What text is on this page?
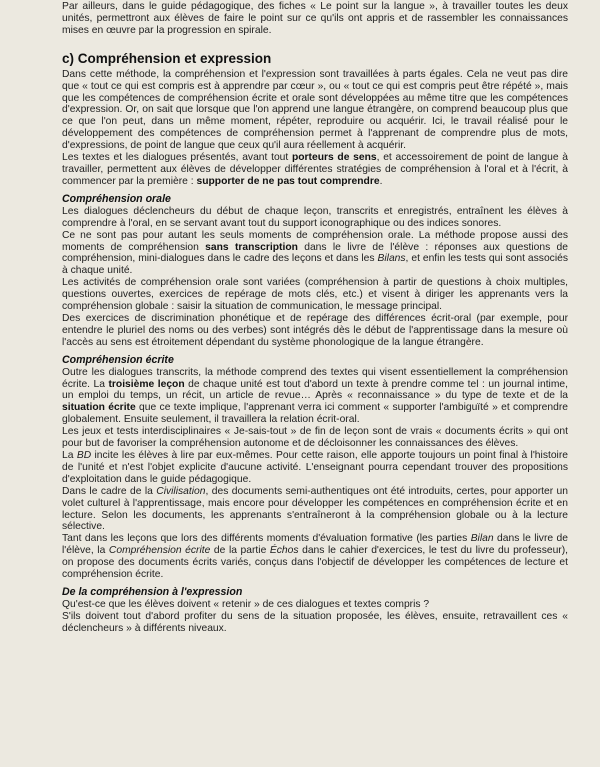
Par ailleurs, dans le guide pédagogique, des fiches « Le point sur la langue », à travailler toutes les deux unités, permettront aux élèves de faire le point sur ce qu'ils ont appris et de rassembler les connaissances mises en œuvre par la progression en spirale.

c) Compréhension et expression

Dans cette méthode, la compréhension et l'expression sont travaillées à parts égales. Cela ne veut pas dire que « tout ce qui est compris est à apprendre par cœur », ou « tout ce qui est compris peut être répété », mais que les compétences de compréhension écrite et orale sont développées au même titre que les compétences d'expression. Or, on sait que lorsque que l'on apprend une langue étrangère, on comprend beaucoup plus que ce que l'on peut, dans un même moment, répéter, reproduire ou acquérir. Ici, le travail réalisé pour le développement des compétences de compréhension permet à l'apprenant de comprendre plus de mots, d'expressions, de point de langue que ceux qu'il aura réellement à acquérir.

Les textes et les dialogues présentés, avant tout porteurs de sens, et accessoirement de point de langue à travailler, permettent aux élèves de développer différentes stratégies de compréhension à l'oral et à l'écrit, à commencer par la première : supporter de ne pas tout comprendre.

Compréhension orale

Les dialogues déclencheurs du début de chaque leçon, transcrits et enregistrés, entraînent les élèves à comprendre à l'oral, en se servant avant tout du support iconographique ou des indices sonores.

Ce ne sont pas pour autant les seuls moments de compréhension orale. La méthode propose aussi des moments de compréhension sans transcription dans le livre de l'élève : réponses aux questions de compréhension, mini-dialogues dans le cadre des leçons et dans les Bilans, et enfin les tests qui sont associés à chaque unité.

Les activités de compréhension orale sont variées (compréhension à partir de questions à choix multiples, questions ouvertes, exercices de repérage de mots clés, etc.) et visent à diriger les apprenants vers la compréhension globale : saisir la situation de communication, le message principal.

Des exercices de discrimination phonétique et de repérage des différences écrit-oral (par exemple, pour entendre le pluriel des noms ou des verbes) sont intégrés dès le début de l'apprentissage dans la mesure où l'accès au sens est étroitement dépendant du système phonologique de la langue étrangère.

Compréhension écrite

Outre les dialogues transcrits, la méthode comprend des textes qui visent essentiellement la compréhension écrite. La troisième leçon de chaque unité est tout d'abord un texte à prendre comme tel : un journal intime, un emploi du temps, un récit, un article de revue… Après « reconnaissance » du type de texte et de la situation écrite que ce texte implique, l'apprenant verra ici comment « supporter l'ambiguïté » et comprendre globalement. Ensuite seulement, il travaillera la relation écrit-oral.

Les jeux et tests interdisciplinaires « Je-sais-tout » de fin de leçon sont de vrais « documents écrits » qui ont pour but de favoriser la compréhension autonome et de décloisonner les connaissances des élèves.

La BD incite les élèves à lire par eux-mêmes. Pour cette raison, elle apporte toujours un point final à l'histoire de l'unité et n'est l'objet explicite d'aucune activité. L'enseignant pourra cependant trouver des propositions d'exploitation dans le guide pédagogique.

Dans le cadre de la Civilisation, des documents semi-authentiques ont été introduits, certes, pour apporter un volet culturel à l'apprentissage, mais encore pour développer les compétences en compréhension écrite et en lecture. Selon les documents, les apprenants s'entraîneront à la compréhension globale ou à la lecture sélective.

Tant dans les leçons que lors des différents moments d'évaluation formative (les parties Bilan dans le livre de l'élève, la Compréhension écrite de la partie Échos dans le cahier d'exercices, le test du livre du professeur), on propose des documents écrits variés, conçus dans l'objectif de développer les compétences de lecture et compréhension écrite.

De la compréhension à l'expression

Qu'est-ce que les élèves doivent « retenir » de ces dialogues et textes compris ?

S'ils doivent tout d'abord profiter du sens de la situation proposée, les élèves, ensuite, retravaillent ces « déclencheurs » à différents niveaux.
